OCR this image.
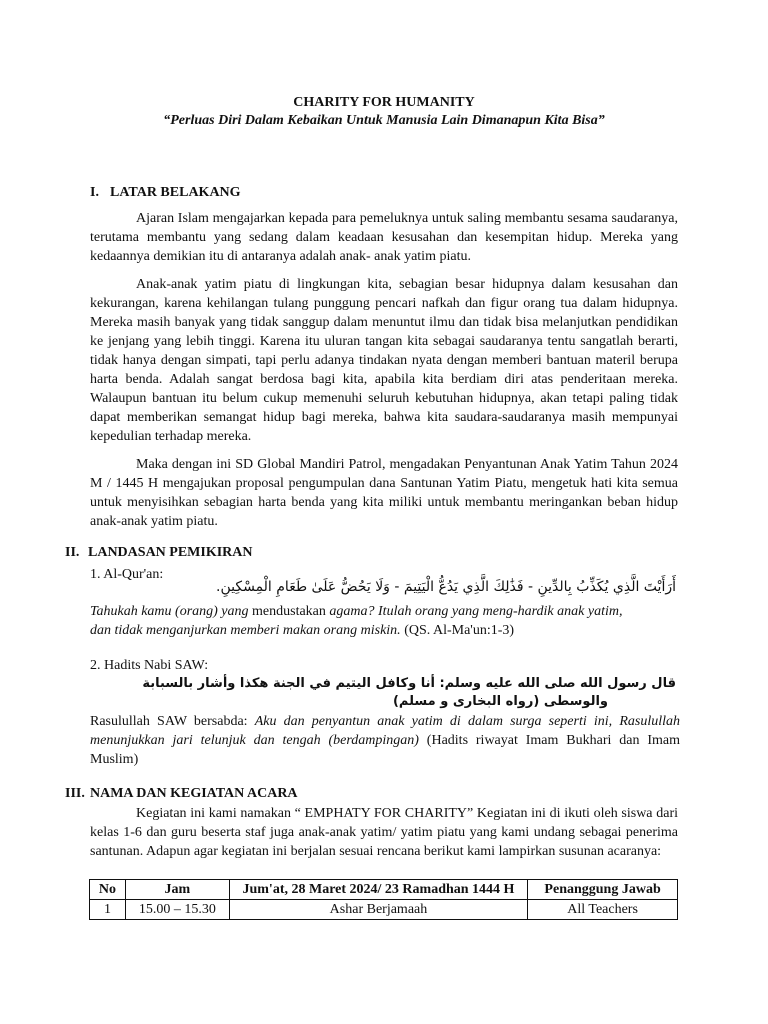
CHARITY FOR HUMANITY
“Perluas Diri Dalam Kebaikan Untuk Manusia Lain Dimanapun Kita Bisa”
I. LATAR BELAKANG

Ajaran Islam mengajarkan kepada para pemeluknya untuk saling membantu sesama saudaranya, terutama membantu yang sedang dalam keadaan kesusahan dan kesempitan hidup. Mereka yang kedaannya demikian itu di antaranya adalah anak- anak yatim piatu.

Anak-anak yatim piatu di lingkungan kita, sebagian besar hidupnya dalam kesusahan dan kekurangan, karena kehilangan tulang punggung pencari nafkah dan figur orang tua dalam hidupnya. Mereka masih banyak yang tidak sanggup dalam menuntut ilmu dan tidak bisa melanjutkan pendidikan ke jenjang yang lebih tinggi. Karena itu uluran tangan kita sebagai saudaranya tentu sangatlah berarti, tidak hanya dengan simpati, tapi perlu adanya tindakan nyata dengan memberi bantuan materil berupa harta benda. Adalah sangat berdosa bagi kita, apabila kita berdiam diri atas penderitaan mereka. Walaupun bantuan itu belum cukup memenuhi seluruh kebutuhan hidupnya, akan tetapi paling tidak dapat memberikan semangat hidup bagi mereka, bahwa kita saudara-saudaranya masih mempunyai kepedulian terhadap mereka.

Maka dengan ini SD Global Mandiri Patrol, mengadakan Penyantunan Anak Yatim Tahun 2024 M / 1445 H mengajukan proposal pengumpulan dana Santunan Yatim Piatu, mengetuk hati kita semua untuk menyisihkan sebagian harta benda yang kita miliki untuk membantu meringankan beban hidup anak-anak yatim piatu.

II. LANDASAN PEMIKIRAN
1. Al-Qur'an:
أَرَأَيْتَ الَّذِي يُكَذِّبُ بِالدِّينِ - فَذَٰلِكَ الَّذِي يَدُعُّ الْيَتِيمَ - وَلَا يَحُضُّ عَلَىٰ طَعَامِ الْمِسْكِينِ.
Tahukah kamu (orang) yang mendustakan agama? Itulah orang yang meng-hardik anak yatim,
dan tidak menganjurkan memberi makan orang miskin. (QS. Al-Ma'un:1-3)
2. Hadits Nabi SAW:
قال رسول الله صلى الله عليه وسلم: أنا وكافل اليتيم في الجنة هكذا وأشار بالسبابة
والوسطى (رواه البخارى و مسلم)
Rasulullah SAW bersabda: Aku dan penyantun anak yatim di dalam surga seperti ini, Rasulullah menunjukkan jari telunjuk dan tengah (berdampingan) (Hadits riwayat Imam Bukhari dan Imam Muslim)
III. NAMA DAN KEGIATAN ACARA

Kegiatan ini kami namakan “ EMPHATY FOR CHARITY” Kegiatan ini di ikuti oleh siswa dari kelas 1-6 dan guru beserta staf juga anak-anak yatim/ yatim piatu yang kami undang sebagai penerima santunan. Adapun agar kegiatan ini berjalan sesuai rencana berikut kami lampirkan susunan acaranya:

No	Jam	Jum'at, 28 Maret 2024/ 23 Ramadhan 1444 H	Penanggung Jawab
1	15.00 – 15.30	Ashar Berjamaah	All Teachers
